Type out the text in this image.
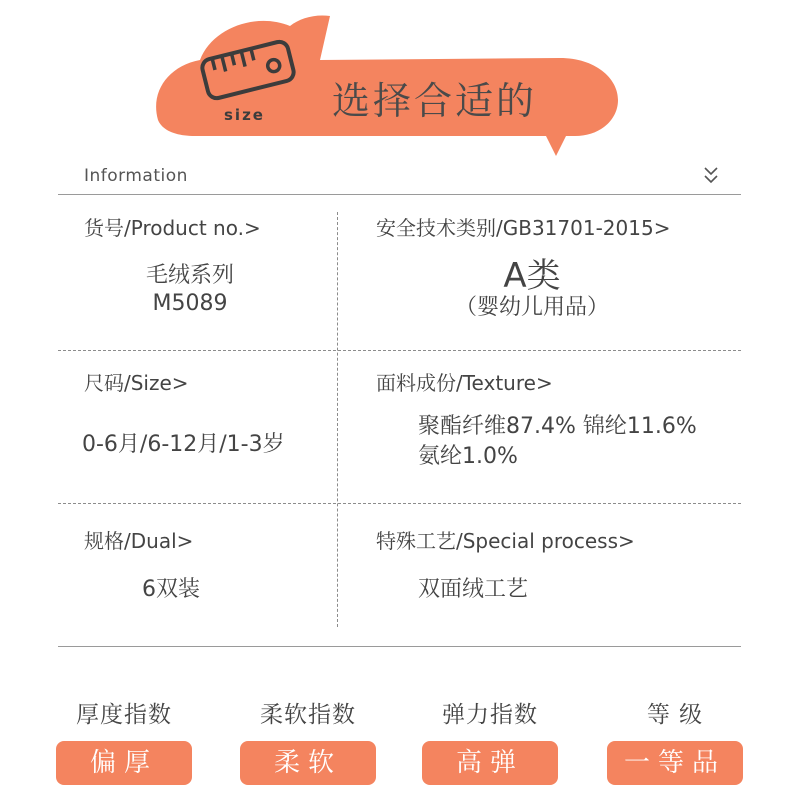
size 选择合适的
Information
货号/Product no.>
毛绒系列
M5089
安全技术类别/GB31701-2015>
A类
（婴幼儿用品）
尺码/Size>
0-6月/6-12月/1-3岁
面料成份/Texture>
聚酯纤维87.4% 锦纶11.6%
氨纶1.0%
规格/Dual>
6双装
特殊工艺/Special process>
双面绒工艺
厚度指数
偏厚
柔软指数
柔软
弹力指数
高弹
等 级
一等品
